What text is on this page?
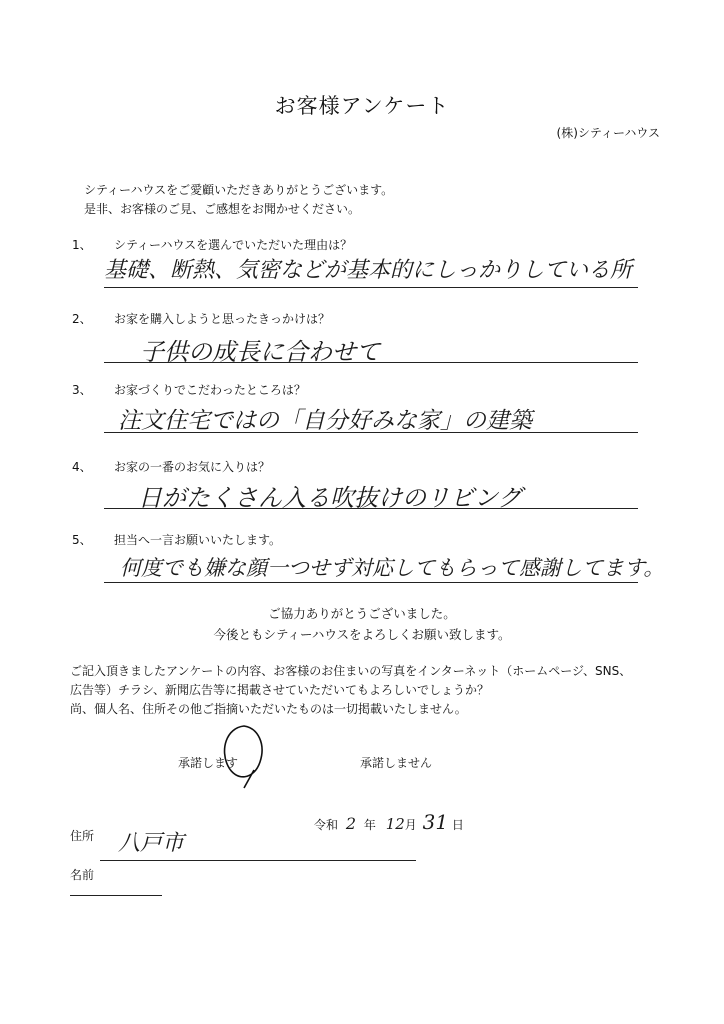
お客様アンケート
(株)シティーハウス
シティーハウスをご愛顧いただきありがとうございます。
是非、お客様のご見、ご感想をお聞かせください。
1、 シティーハウスを選んでいただいた理由は？
基礎、断熱、気密などが基本的にしっかりしている所
2、 お家を購入しようと思ったきっかけは？
子供の成長に合わせて
3、 お家づくりでこだわったところは？
注文住宅ではの「自分好みな家」の建築
4、 お家の一番のお気に入りは？
日がたくさん入る吹抜けのリビング
5、 担当へ一言お願いいたします。
何度でも嫌な顔一つせず対応してもらって感謝してます。
ご協力ありがとうございました。
今後ともシティーハウスをよろしくお願い致します。
ご記入頂きましたアンケートの内容、お客様のお住まいの写真をインターネット（ホームページ、SNS、
広告等）チラシ、新聞広告等に掲載させていただいてもよろしいでしょうか？
尚、個人名、住所その他ご指摘いただいたものは一切掲載いたしません。
承諾します	承諾しません
令和 2 年 12月 31 日
住所 八戸市
名前
